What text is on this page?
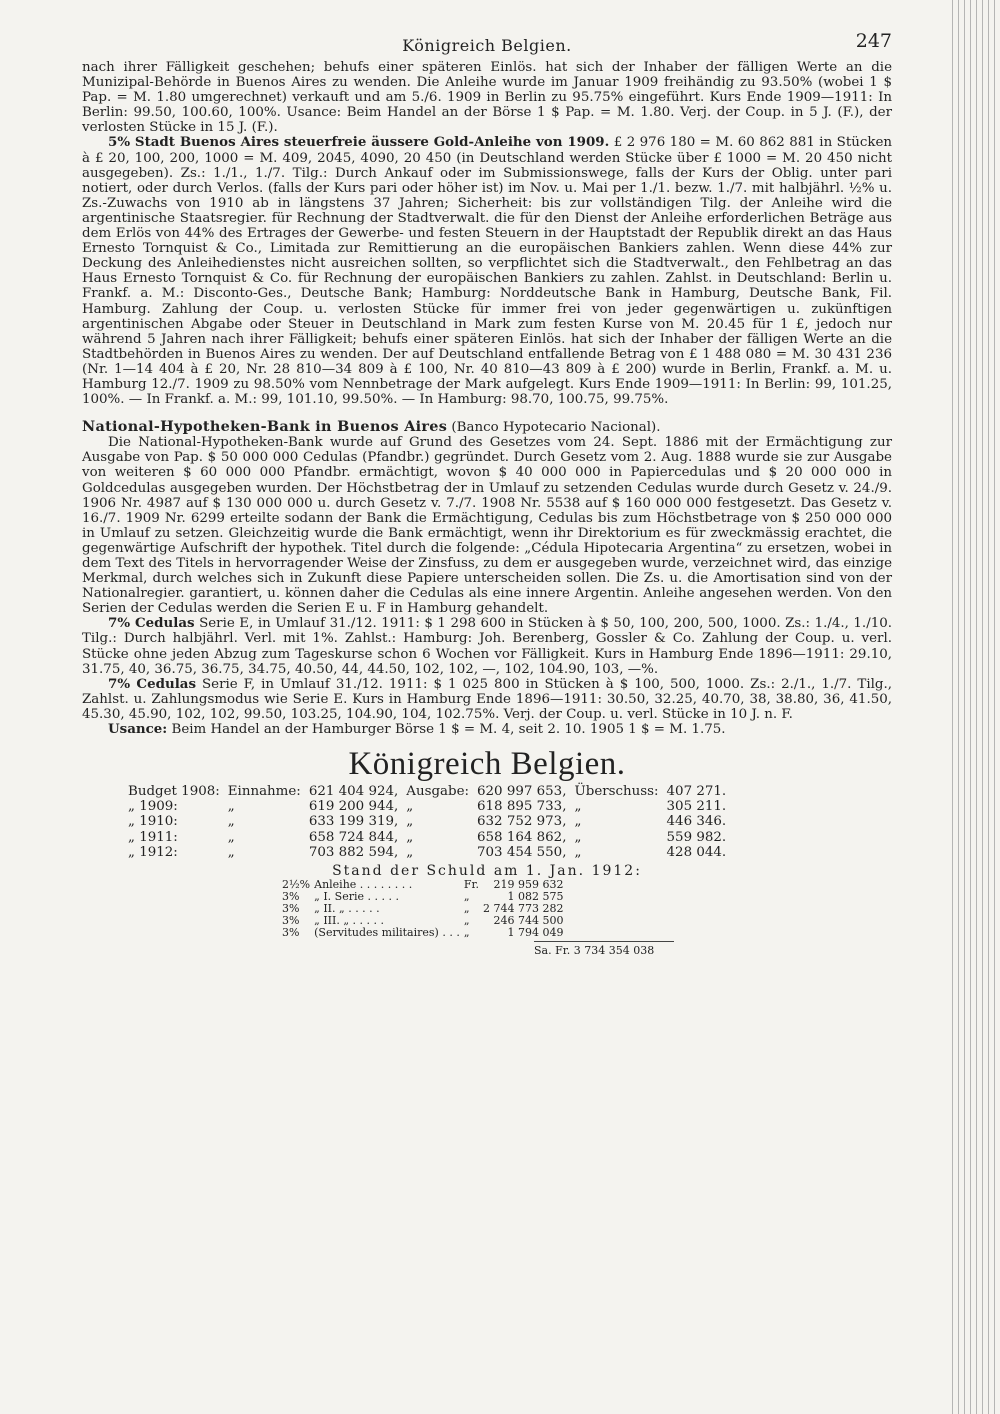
Königreich Belgien.	247

nach ihrer Fälligkeit geschehen; behufs einer späteren Einlös. hat sich der Inhaber der fälligen Werte an die Munizipal-Behörde in Buenos Aires zu wenden. Die Anleihe wurde im Januar 1909 freihändig zu 93.50% (wobei 1 $ Pap. = M. 1.80 umgerechnet) verkauft und am 5./6. 1909 in Berlin zu 95.75% eingeführt. Kurs Ende 1909—1911: In Berlin: 99.50, 100.60, 100%. Usance: Beim Handel an der Börse 1 $ Pap. = M. 1.80. Verj. der Coup. in 5 J. (F.), der verlosten Stücke in 15 J. (F.).

5% Stadt Buenos Aires steuerfreie äussere Gold-Anleihe von 1909. £ 2 976 180 = M. 60 862 881 in Stücken à £ 20, 100, 200, 1000 = M. 409, 2045, 4090, 20 450 (in Deutschland werden Stücke über £ 1000 = M. 20 450 nicht ausgegeben). Zs.: 1./1., 1./7. Tilg.: Durch Ankauf oder im Submissionswege, falls der Kurs der Oblig. unter pari notiert, oder durch Verlos. (falls der Kurs pari oder höher ist) im Nov. u. Mai per 1./1. bezw. 1./7. mit halbjährl. ½% u. Zs.-Zuwachs von 1910 ab in längstens 37 Jahren; Sicherheit: bis zur vollständigen Tilg. der Anleihe wird die argentinische Staatsregier. für Rechnung der Stadtverwalt. die für den Dienst der Anleihe erforderlichen Beträge aus dem Erlös von 44% des Ertrages der Gewerbe- und festen Steuern in der Hauptstadt der Republik direkt an das Haus Ernesto Tornquist & Co., Limitada zur Remittierung an die europäischen Bankiers zahlen. Wenn diese 44% zur Deckung des Anleihedienstes nicht ausreichen sollten, so verpflichtet sich die Stadtverwalt., den Fehlbetrag an das Haus Ernesto Tornquist & Co. für Rechnung der europäischen Bankiers zu zahlen. Zahlst. in Deutschland: Berlin u. Frankf. a. M.: Disconto-Ges., Deutsche Bank; Hamburg: Norddeutsche Bank in Hamburg, Deutsche Bank, Fil. Hamburg. Zahlung der Coup. u. verlosten Stücke für immer frei von jeder gegenwärtigen u. zukünftigen argentinischen Abgabe oder Steuer in Deutschland in Mark zum festen Kurse von M. 20.45 für 1 £, jedoch nur während 5 Jahren nach ihrer Fälligkeit; behufs einer späteren Einlös. hat sich der Inhaber der fälligen Werte an die Stadtbehörden in Buenos Aires zu wenden. Der auf Deutschland entfallende Betrag von £ 1 488 080 = M. 30 431 236 (Nr. 1—14 404 à £ 20, Nr. 28 810—34 809 à £ 100, Nr. 40 810—43 809 à £ 200) wurde in Berlin, Frankf. a. M. u. Hamburg 12./7. 1909 zu 98.50% vom Nennbetrage der Mark aufgelegt. Kurs Ende 1909—1911: In Berlin: 99, 101.25, 100%. — In Frankf. a. M.: 99, 101.10, 99.50%. — In Hamburg: 98.70, 100.75, 99.75%.

National-Hypotheken-Bank in Buenos Aires (Banco Hypotecario Nacional).

Die National-Hypotheken-Bank wurde auf Grund des Gesetzes vom 24. Sept. 1886 mit der Ermächtigung zur Ausgabe von Pap. $ 50 000 000 Cedulas (Pfandbr.) gegründet. Durch Gesetz vom 2. Aug. 1888 wurde sie zur Ausgabe von weiteren $ 60 000 000 Pfandbr. ermächtigt, wovon $ 40 000 000 in Papiercedulas und $ 20 000 000 in Goldcedulas ausgegeben wurden. Der Höchstbetrag der in Umlauf zu setzenden Cedulas wurde durch Gesetz v. 24./9. 1906 Nr. 4987 auf $ 130 000 000 u. durch Gesetz v. 7./7. 1908 Nr. 5538 auf $ 160 000 000 festgesetzt. Das Gesetz v. 16./7. 1909 Nr. 6299 erteilte sodann der Bank die Ermächtigung, Cedulas bis zum Höchstbetrage von $ 250 000 000 in Umlauf zu setzen. Gleichzeitig wurde die Bank ermächtigt, wenn ihr Direktorium es für zweckmässig erachtet, die gegenwärtige Aufschrift der hypothek. Titel durch die folgende: „Cédula Hipotecaria Argentina“ zu ersetzen, wobei in dem Text des Titels in hervorragender Weise der Zinsfuss, zu dem er ausgegeben wurde, verzeichnet wird, das einzige Merkmal, durch welches sich in Zukunft diese Papiere unterscheiden sollen. Die Zs. u. die Amortisation sind von der Nationalregier. garantiert, u. können daher die Cedulas als eine innere Argentin. Anleihe angesehen werden. Von den Serien der Cedulas werden die Serien E u. F in Hamburg gehandelt.

7% Cedulas Serie E, in Umlauf 31./12. 1911: $ 1 298 600 in Stücken à $ 50, 100, 200, 500, 1000. Zs.: 1./4., 1./10. Tilg.: Durch halbjährl. Verl. mit 1%. Zahlst.: Hamburg: Joh. Berenberg, Gossler & Co. Zahlung der Coup. u. verl. Stücke ohne jeden Abzug zum Tageskurse schon 6 Wochen vor Fälligkeit. Kurs in Hamburg Ende 1896—1911: 29.10, 31.75, 40, 36.75, 36.75, 34.75, 40.50, 44, 44.50, 102, 102, —, 102, 104.90, 103, —%.

7% Cedulas Serie F, in Umlauf 31./12. 1911: $ 1 025 800 in Stücken à $ 100, 500, 1000. Zs.: 2./1., 1./7. Tilg., Zahlst. u. Zahlungsmodus wie Serie E. Kurs in Hamburg Ende 1896—1911: 30.50, 32.25, 40.70, 38, 38.80, 36, 41.50, 45.30, 45.90, 102, 102, 99.50, 103.25, 104.90, 104, 102.75%. Verj. der Coup. u. verl. Stücke in 10 J. n. F.

Usance: Beim Handel an der Hamburger Börse 1 $ = M. 4, seit 2. 10. 1905 1 $ = M. 1.75.

Königreich Belgien.
Budget 1908:	Einnahme:	621 404 924,	Ausgabe:	620 997 653,	Überschuss:	407 271.
„ 1909:	„	619 200 944,	„	618 895 733,	„	305 211.
„ 1910:	„	633 199 319,	„	632 752 973,	„	446 346.
„ 1911:	„	658 724 844,	„	658 164 862,	„	559 982.
„ 1912:	„	703 882 594,	„	703 454 550,	„	428 044.
Stand der Schuld am 1. Jan. 1912:
2½%	Anleihe . . . . . . . .	Fr.	219 959 632
3%	„ I. Serie . . . . .	„	1 082 575
3%	„ II. „ . . . . .	„	2 744 773 282
3%	„ III. „ . . . . .	„	246 744 500
3%	(Servitudes militaires) . . .	„	1 794 049
Sa. Fr. 3 734 354 038
